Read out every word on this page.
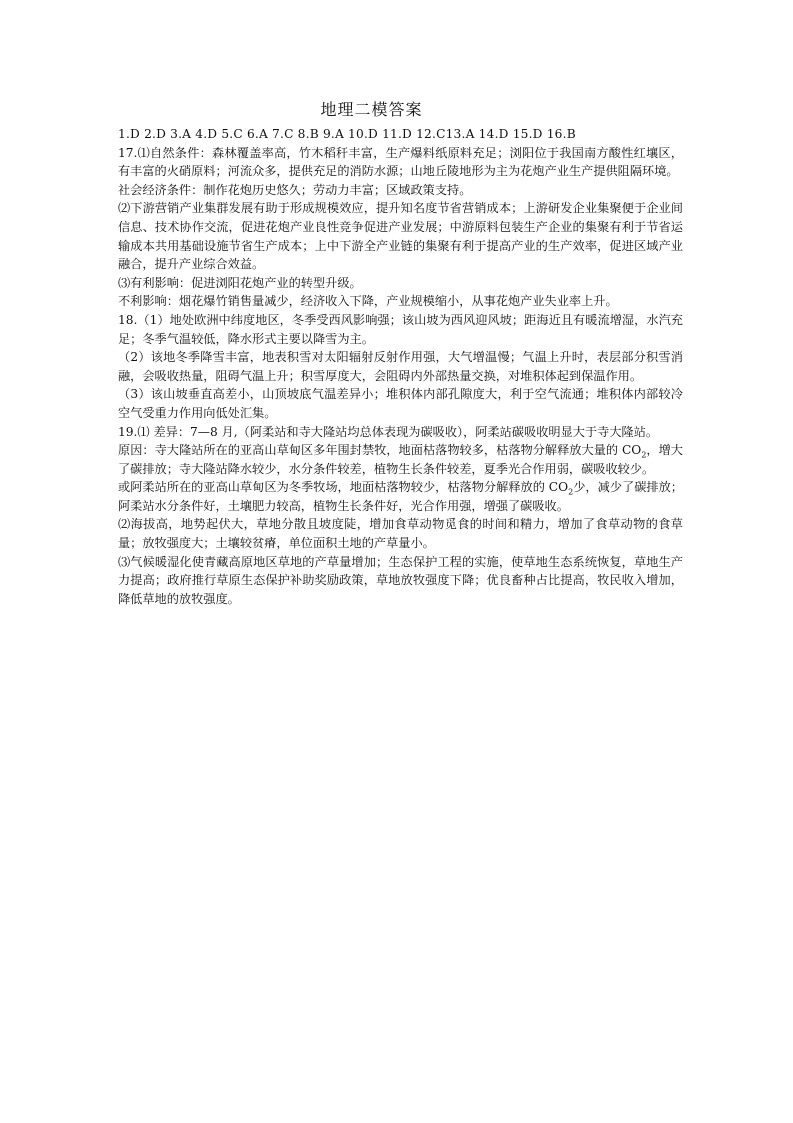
地理二模答案

1.D 2.D 3.A 4.D 5.C 6.A 7.C 8.B 9.A 10.D 11.D 12.C13.A 14.D 15.D 16.B

17.⑴自然条件：森林覆盖率高，竹木稻秆丰富，生产爆料纸原料充足；浏阳位于我国南方酸性红壤区，有丰富的火硝原料；河流众多，提供充足的消防水源；山地丘陵地形为主为花炮产业生产提供阻隔环境。

社会经济条件：制作花炮历史悠久；劳动力丰富；区域政策支持。

⑵下游营销产业集群发展有助于形成规模效应，提升知名度节省营销成本；上游研发企业集聚便于企业间信息、技术协作交流，促进花炮产业良性竞争促进产业发展；中游原料包装生产企业的集聚有利于节省运输成本共用基础设施节省生产成本；上中下游全产业链的集聚有利于提高产业的生产效率，促进区域产业融合，提升产业综合效益。

⑶有利影响：促进浏阳花炮产业的转型升级。

不利影响：烟花爆竹销售量减少，经济收入下降，产业规模缩小，从事花炮产业失业率上升。

18.（1）地处欧洲中纬度地区，冬季受西风影响强；该山坡为西风迎风坡；距海近且有暖流增湿，水汽充足；冬季气温较低，降水形式主要以降雪为主。

（2）该地冬季降雪丰富，地表积雪对太阳辐射反射作用强，大气增温慢；气温上升时，表层部分积雪消融，会吸收热量，阻碍气温上升；积雪厚度大，会阻碍内外部热量交换，对堆积体起到保温作用。

（3）该山坡垂直高差小，山顶坡底气温差异小；堆积体内部孔隙度大，利于空气流通；堆积体内部较冷空气受重力作用向低处汇集。

19.⑴ 差异：7—8 月,（阿柔站和寺大隆站均总体表现为碳吸收），阿柔站碳吸收明显大于寺大隆站。

原因：寺大隆站所在的亚高山草甸区多年围封禁牧，地面枯落物较多，枯落物分解释放大量的 $CO_2$，增大了碳排放；寺大隆站降水较少，水分条件较差，植物生长条件较差，夏季光合作用弱，碳吸收较少。

或阿柔站所在的亚高山草甸区为冬季牧场，地面枯落物较少，枯落物分解释放的 $CO_2$少，减少了碳排放；阿柔站水分条件好，土壤肥力较高，植物生长条件好，光合作用强，增强了碳吸收。

⑵海拔高，地势起伏大，草地分散且坡度陡，增加食草动物觅食的时间和精力，增加了食草动物的食草量；放牧强度大；土壤较贫瘠，单位面积土地的产草量小。

⑶气候暖湿化使青藏高原地区草地的产草量增加；生态保护工程的实施，使草地生态系统恢复，草地生产力提高；政府推行草原生态保护补助奖励政策，草地放牧强度下降；优良畜种占比提高，牧民收入增加，降低草地的放牧强度。
